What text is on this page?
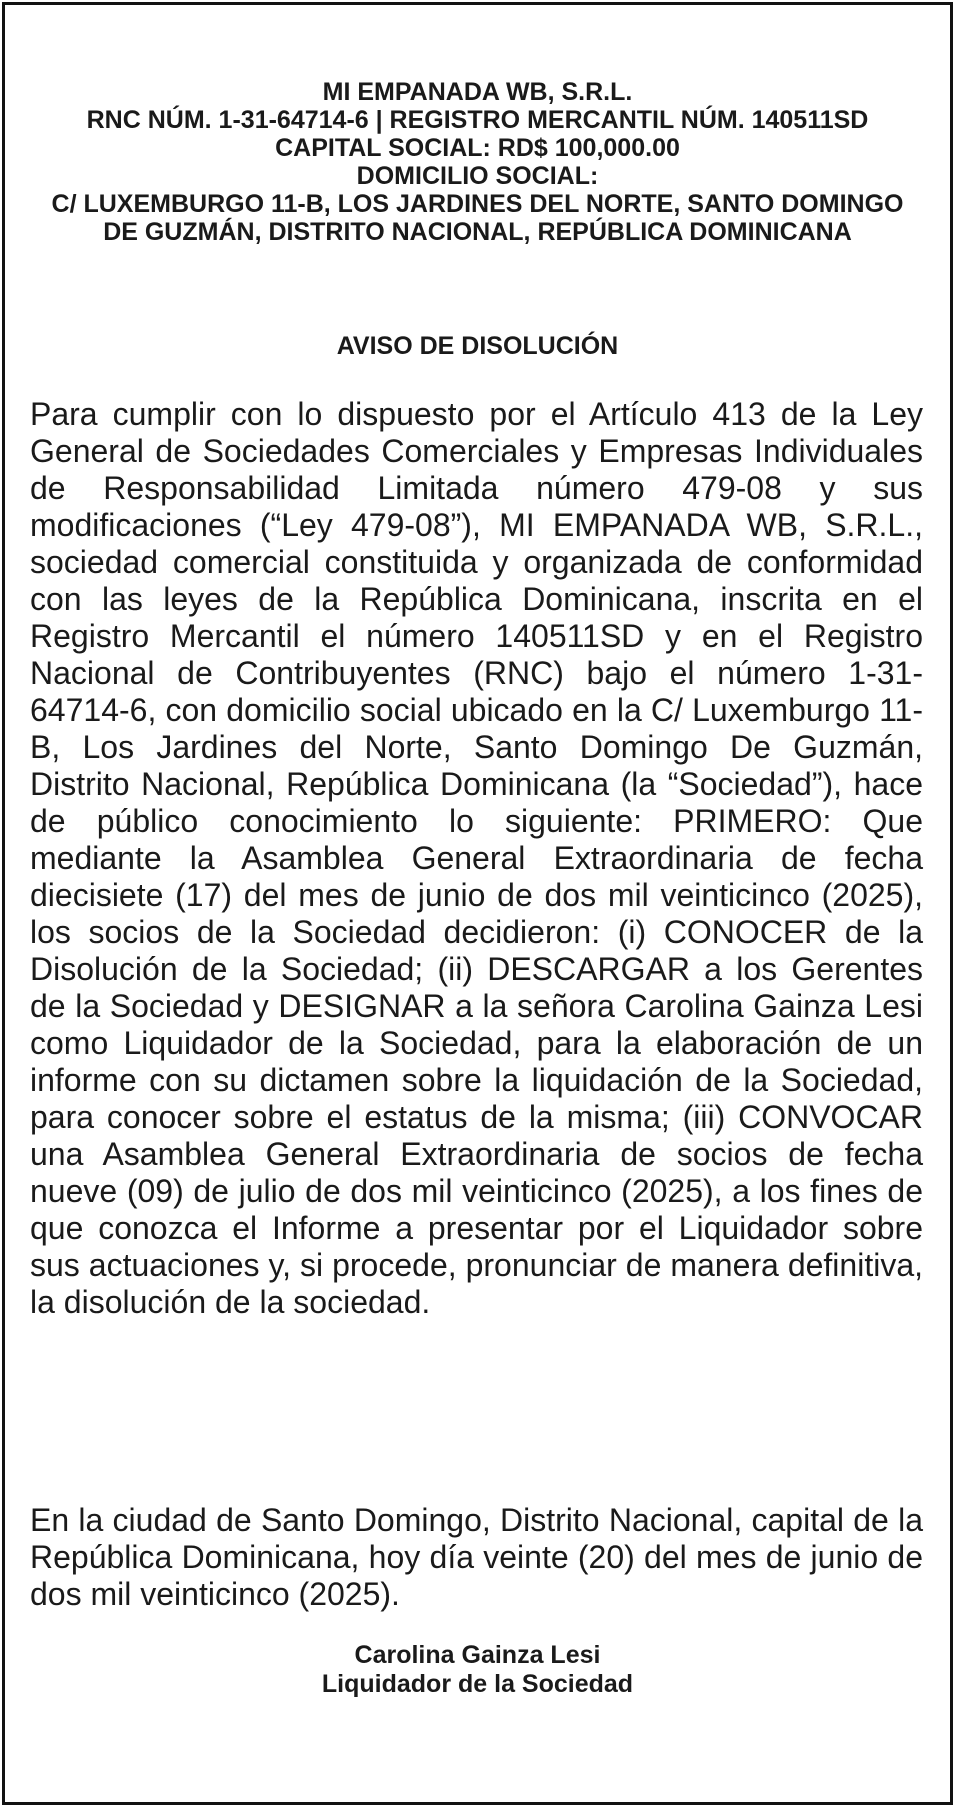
MI EMPANADA WB, S.R.L.
RNC NÚM. 1-31-64714-6 | REGISTRO MERCANTIL NÚM. 140511SD
CAPITAL SOCIAL: RD$ 100,000.00
DOMICILIO SOCIAL:
C/ LUXEMBURGO 11-B, LOS JARDINES DEL NORTE, SANTO DOMINGO DE GUZMÁN, DISTRITO NACIONAL, REPÚBLICA DOMINICANA
AVISO DE DISOLUCIÓN
Para cumplir con lo dispuesto por el Artículo 413 de la Ley General de Sociedades Comerciales y Empresas Individuales de Responsabilidad Limitada número 479-08 y sus modificaciones (“Ley 479-08”), MI EMPANADA WB, S.R.L., sociedad comercial constituida y organizada de conformidad con las leyes de la República Dominicana, inscrita en el Registro Mercantil el número 140511SD y en el Registro Nacional de Contribuyentes (RNC) bajo el número 1-31-64714-6, con domicilio social ubicado en la C/ Luxemburgo 11-B, Los Jardines del Norte, Santo Domingo De Guzmán, Distrito Nacional, República Dominicana (la “Sociedad”), hace de público conocimiento lo siguiente: PRIMERO: Que mediante la Asamblea General Extraordinaria de fecha diecisiete (17) del mes de junio de dos mil veinticinco (2025), los socios de la Sociedad decidieron: (i) CONOCER de la Disolución de la Sociedad; (ii) DESCARGAR a los Gerentes de la Sociedad y DESIGNAR a la señora Carolina Gainza Lesi como Liquidador de la Sociedad, para la elaboración de un informe con su dictamen sobre la liquidación de la Sociedad, para conocer sobre el estatus de la misma; (iii) CONVOCAR una Asamblea General Extraordinaria de socios de fecha nueve (09) de julio de dos mil veinticinco (2025), a los fines de que conozca el Informe a presentar por el Liquidador sobre sus actuaciones y, si procede, pronunciar de manera definitiva, la disolución de la sociedad.
En la ciudad de Santo Domingo, Distrito Nacional, capital de la República Dominicana, hoy día veinte (20) del mes de junio de dos mil veinticinco (2025).
Carolina Gainza Lesi
Liquidador de la Sociedad
